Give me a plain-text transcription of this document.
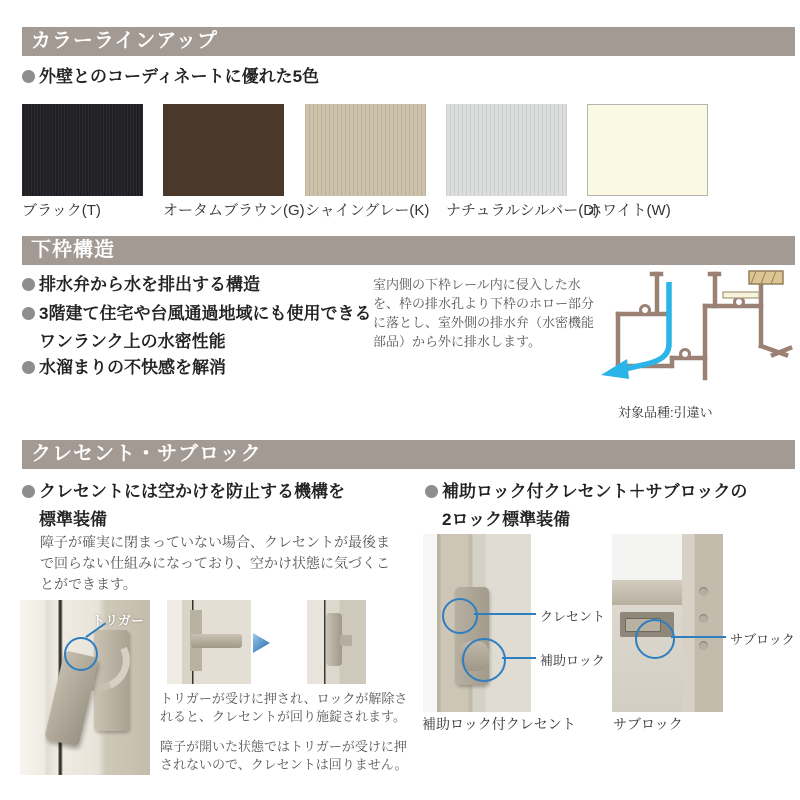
カラーラインアップ
外壁とのコーディネートに優れた5色
ブラック(T)	オータムブラウン(G) シャイングレー(K) ナチュラルシルバー(D)
ホワイト(W)
下枠構造
排水弁から水を排出する構造
3階建て住宅や台風通過地域にも使用できる
ワンランク上の水密性能
水溜まりの不快感を解消
室内側の下枠レール内に侵入した水を、枠の排水孔より下枠のホロー部分に落とし、室外側の排水弁（水密機能部品）から外に排水します。
対象品種:引違い
クレセント・サブロック
クレセントには空かけを防止する機構を
標準装備
障子が確実に閉まっていない場合、クレセントが最後まで回らない仕組みになっており、空かけ状態に気づくことができます。
補助ロック付クレセント＋サブロックの
2ロック標準装備
トリガー
トリガーが受けに押され、ロックが解除されると、クレセントが回り施錠されます。
障子が開いた状態ではトリガーが受けに押されないので、クレセントは回りません。
クレセント
補助ロック
補助ロック付クレセント
サブロック
サブロック
